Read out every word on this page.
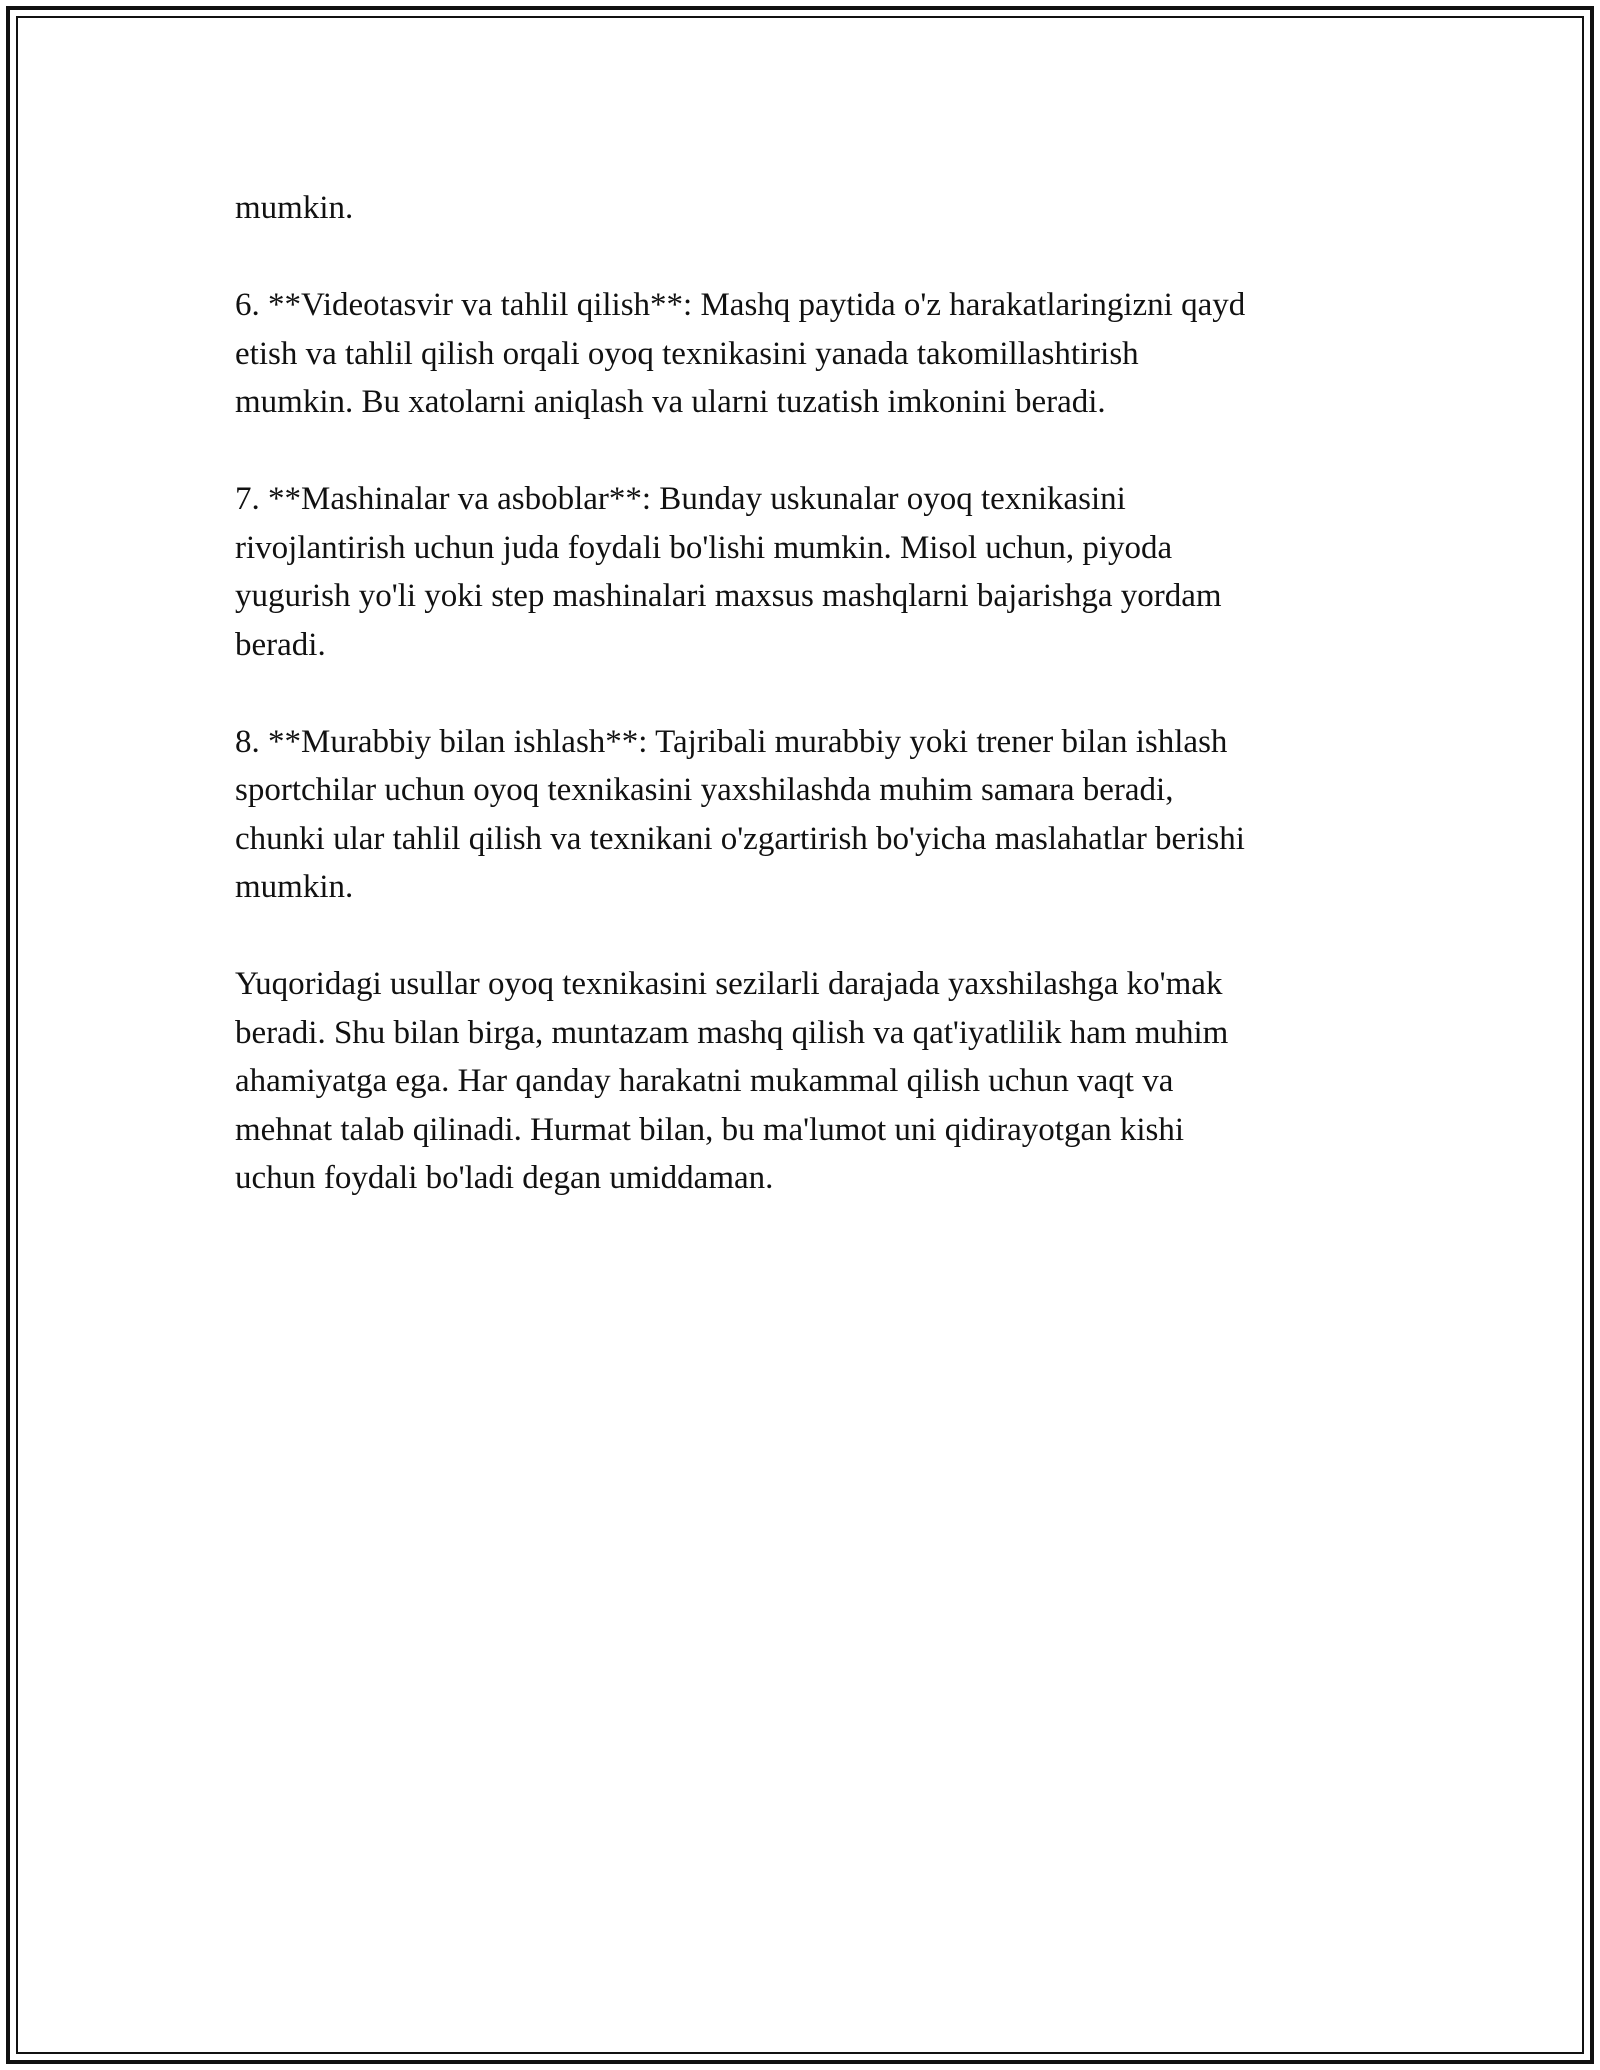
mumkin.

6. **Videotasvir va tahlil qilish**: Mashq paytida o'z harakatlaringizni qayd
etish va tahlil qilish orqali oyoq texnikasini yanada takomillashtirish
mumkin. Bu xatolarni aniqlash va ularni tuzatish imkonini beradi.

7. **Mashinalar va asboblar**: Bunday uskunalar oyoq texnikasini
rivojlantirish uchun juda foydali bo'lishi mumkin. Misol uchun, piyoda
yugurish yo'li yoki step mashinalari maxsus mashqlarni bajarishga yordam
beradi.

8. **Murabbiy bilan ishlash**: Tajribali murabbiy yoki trener bilan ishlash
sportchilar uchun oyoq texnikasini yaxshilashda muhim samara beradi,
chunki ular tahlil qilish va texnikani o'zgartirish bo'yicha maslahatlar berishi
mumkin.

Yuqoridagi usullar oyoq texnikasini sezilarli darajada yaxshilashga ko'mak
beradi. Shu bilan birga, muntazam mashq qilish va qat'iyatlilik ham muhim
ahamiyatga ega. Har qanday harakatni mukammal qilish uchun vaqt va
mehnat talab qilinadi. Hurmat bilan, bu ma'lumot uni qidirayotgan kishi
uchun foydali bo'ladi degan umiddaman.
